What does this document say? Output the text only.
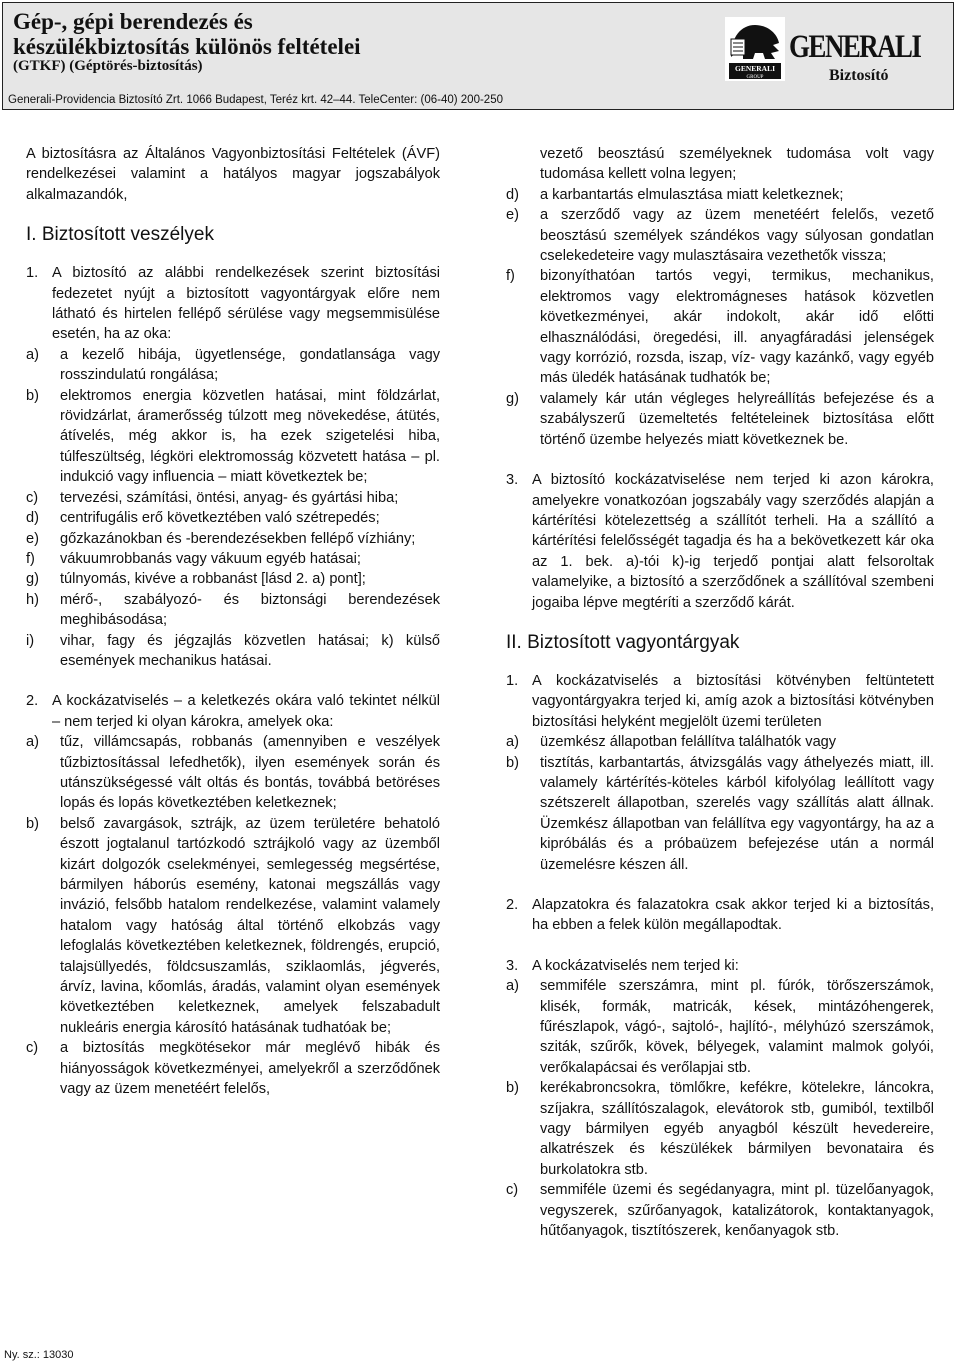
Gép-, gépi berendezés és
készülékbiztosítás különös feltételei
(GTKF) (Géptörés-biztosítás)
Generali-Providencia Biztosító Zrt. 1066 Budapest, Teréz krt. 42–44. TeleCenter: (06-40) 200-250
GENERALI
GROUP
GENERALI
Biztosító

A biztosításra az Általános Vagyonbiztosítási Feltételek (ÁVF) rendelkezései valamint a hatályos magyar jogszabályok alkalmazandók,

I. Biztosított veszélyek
1. A biztosító az alábbi rendelkezések szerint biztosítási fedezetet nyújt a biztosított vagyontárgyak előre nem látható és hirtelen fellépő sérülése vagy megsemmisülése esetén, ha az oka:
a)	a kezelő hibája, ügyetlensége, gondatlansága vagy rosszindulatú rongálása;
b)	elektromos energia közvetlen hatásai, mint földzárlat, rövidzárlat, áramerősség túlzott meg növekedése, átütés, átívelés, még akkor is, ha ezek szigetelési hiba, túlfeszültség, légköri elektromosság közvetett hatása – pl. indukció vagy influencia – miatt következtek be;
c)	tervezési, számítási, öntési, anyag- és gyártási hiba;
d)	centrifugális erő következtében való szétrepedés;
e)	gőzkazánokban és -berendezésekben fellépő vízhiány;
f)	vákuumrobbanás vagy vákuum egyéb hatásai;
g)	túlnyomás, kivéve a robbanást [lásd 2. a) pont];
h)	mérő-, szabályozó- és biztonsági berendezések meghibásodása;
i)	vihar, fagy és jégzajlás közvetlen hatásai; k) külső események mechanikus hatásai.
2. A kockázatviselés – a keletkezés okára való tekintet nélkül – nem terjed ki olyan károkra, amelyek oka:
a)	tűz, villámcsapás, robbanás (amennyiben e veszélyek tűzbiztosítással lefedhetők), ilyen események során és utánszükségessé vált oltás és bontás, továbbá betöréses lopás és lopás következtében keletkeznek;
b)	belső zavargások, sztrájk, az üzem területére behatoló észott jogtalanul tartózkodó sztrájkoló vagy az üzemből kizárt dolgozók cselekményei, semlegesség megsértése, bármilyen háborús esemény, katonai megszállás vagy invázió, felsőbb hatalom rendelkezése, valamint valamely hatalom vagy hatóság által történő elkobzás vagy lefoglalás következtében keletkeznek, földrengés, erupció, talajsüllyedés, földcsuszamlás, sziklaomlás, jégverés, árvíz, lavina, kőomlás, áradás, valamint olyan események következtében keletkeznek, amelyek felszabadult nukleáris energia károsító hatásának tudhatóak be;
c)	a biztosítás megkötésekor már meglévő hibák és hiányosságok következményei, amelyekről a szerződőnek vagy az üzem menetéért felelős,
vezető beosztású személyeknek tudomása volt vagy tudomása kellett volna legyen;
d)	a karbantartás elmulasztása miatt keletkeznek;
e)	a szerződő vagy az üzem menetéért felelős, vezető beosztású személyek szándékos vagy súlyosan gondatlan cselekedeteire vagy mulasztásaira vezethetők vissza;
f)	bizonyíthatóan tartós vegyi, termikus, mechanikus, elektromos vagy elektromágneses hatások közvetlen következményei, akár indokolt, akár idő előtti elhasználódási, öregedési, ill. anyagfáradási jelenségek vagy korrózió, rozsda, iszap, víz- vagy kazánkő, vagy egyéb más üledék hatásának tudhatók be;
g)	valamely kár után végleges helyreállítás befejezése és a szabályszerű üzemeltetés feltételeinek biztosítása előtt történő üzembe helyezés miatt következnek be.
3. A biztosító kockázatviselése nem terjed ki azon károkra, amelyekre vonatkozóan jogszabály vagy szerződés alapján a kártérítési kötelezettség a szállítót terheli. Ha a szállító a kártérítési felelősségét tagadja és ha a bekövetkezett kár oka az 1. bek. a)-tói k)-ig terjedő pontjai alatt felsoroltak valamelyike, a biztosító a szerződőnek a szállítóval szembeni jogaiba lépve megtéríti a szerződő kárát.
II. Biztosított vagyontárgyak
1. A kockázatviselés a biztosítási kötvényben feltüntetett vagyontárgyakra terjed ki, amíg azok a biztosítási kötvényben biztosítási helyként megjelölt üzemi területen
a)	üzemkész állapotban felállítva találhatók vagy
b)	tisztítás, karbantartás, átvizsgálás vagy áthelyezés miatt, ill. valamely kártérítés-köteles kárból kifolyólag leállított vagy szétszerelt állapotban, szerelés vagy szállítás alatt állnak. Üzemkész állapotban van felállítva egy vagyontárgy, ha az a kipróbálás és a próbaüzem befejezése után a normál üzemelésre készen áll.
2. Alapzatokra és falazatokra csak akkor terjed ki a biztosítás, ha ebben a felek külön megállapodtak.
3. A kockázatviselés nem terjed ki:
a)	semmiféle szerszámra, mint pl. fúrók, törőszerszámok, klisék, formák, matricák, kések, mintázóhengerek, fűrészlapok, vágó-, sajtoló-, hajlító-, mélyhúzó szerszámok, sziták, szűrők, kövek, bélyegek, valamint malmok golyói, verőkalapácsai és verőlapjai stb.
b)	kerékabroncsokra, tömlőkre, kefékre, kötelekre, láncokra, szíjakra, szállítószalagok, elevátorok stb, gumiból, textilből vagy bármilyen egyéb anyagból készült hevederеire, alkatrészek és készülékek bármilyen bevonataira és burkolatokra stb.
c)	semmiféle üzemi és segédanyagra, mint pl. tüzelőanyagok, vegyszerek, szűrőanyagok, katalizátorok, kontaktanyagok, hűtőanyagok, tisztítószerek, kenőanyagok stb.
Ny. sz.: 13030
